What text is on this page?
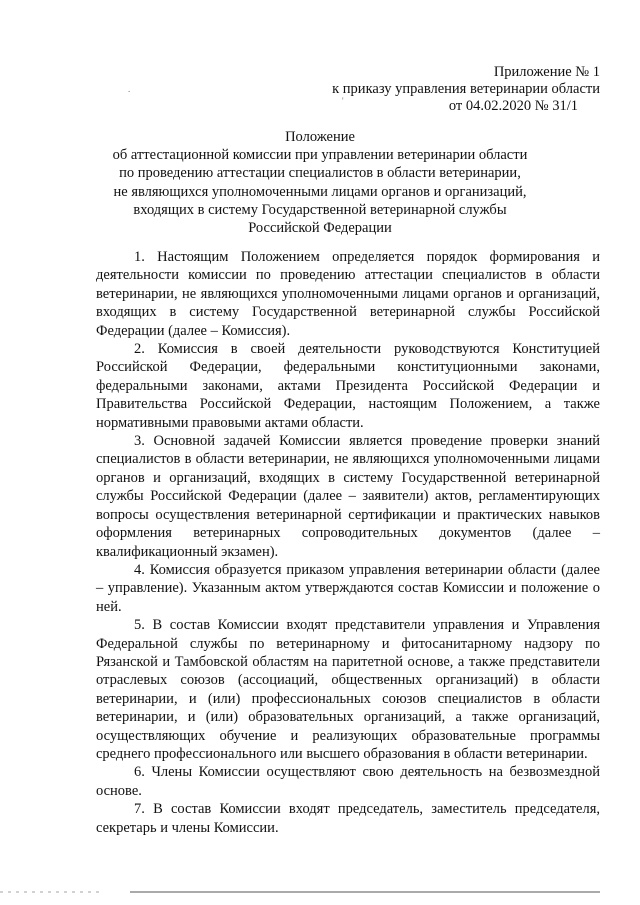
.
'
Приложение № 1
к приказу управления ветеринарии области
от 04.02.2020 № 31/1
Положение
об аттестационной комиссии при управлении ветеринарии области
по проведению аттестации специалистов в области ветеринарии,
не являющихся уполномоченными лицами органов и организаций,
входящих в систему Государственной ветеринарной службы
Российской Федерации

1. Настоящим Положением определяется порядок формирования и деятельности комиссии по проведению аттестации специалистов в области ветеринарии, не являющихся уполномоченными лицами органов и организаций, входящих в систему Государственной ветеринарной службы Российской Федерации (далее – Комиссия).

2. Комиссия в своей деятельности руководствуются Конституцией Российской Федерации, федеральными конституционными законами, федеральными законами, актами Президента Российской Федерации и Правительства Российской Федерации, настоящим Положением, а также нормативными правовыми актами области.

3. Основной задачей Комиссии является проведение проверки знаний специалистов в области ветеринарии, не являющихся уполномоченными лицами органов и организаций, входящих в систему Государственной ветеринарной службы Российской Федерации (далее – заявители) актов, регламентирующих вопросы осуществления ветеринарной сертификации и практических навыков оформления ветеринарных сопроводительных документов (далее – квалификационный экзамен).

4. Комиссия образуется приказом управления ветеринарии области (далее – управление). Указанным актом утверждаются состав Комиссии и положение о ней.

5. В состав Комиссии входят представители управления и Управления Федеральной службы по ветеринарному и фитосанитарному надзору по Рязанской и Тамбовской областям на паритетной основе, а также представители отраслевых союзов (ассоциаций, общественных организаций) в области ветеринарии, и (или) профессиональных союзов специалистов в области ветеринарии, и (или) образовательных организаций, а также организаций, осуществляющих обучение и реализующих образовательные программы среднего профессионального или высшего образования в области ветеринарии.

6. Члены Комиссии осуществляют свою деятельность на безвозмездной основе.

7. В состав Комиссии входят председатель, заместитель председателя, секретарь и члены Комиссии.
